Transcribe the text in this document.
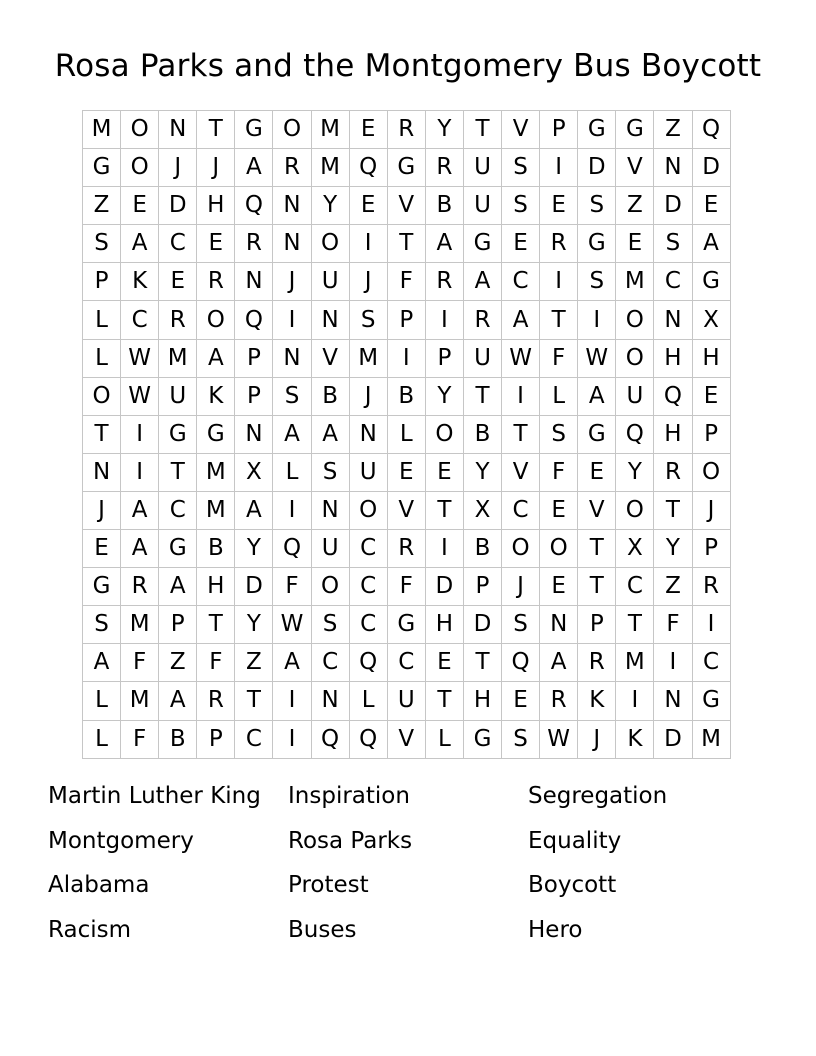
Rosa Parks and the Montgomery Bus Boycott
M	O	N	T	G	O	M	E	R	Y	T	V	P	G	G	Z	Q
G	O	J	J	A	R	M	Q	G	R	U	S	I	D	V	N	D
Z	E	D	H	Q	N	Y	E	V	B	U	S	E	S	Z	D	E
S	A	C	E	R	N	O	I	T	A	G	E	R	G	E	S	A
P	K	E	R	N	J	U	J	F	R	A	C	I	S	M	C	G
L	C	R	O	Q	I	N	S	P	I	R	A	T	I	O	N	X
L	W	M	A	P	N	V	M	I	P	U	W	F	W	O	H	H
O	W	U	K	P	S	B	J	B	Y	T	I	L	A	U	Q	E
T	I	G	G	N	A	A	N	L	O	B	T	S	G	Q	H	P
N	I	T	M	X	L	S	U	E	E	Y	V	F	E	Y	R	O
J	A	C	M	A	I	N	O	V	T	X	C	E	V	O	T	J
E	A	G	B	Y	Q	U	C	R	I	B	O	O	T	X	Y	P
G	R	A	H	D	F	O	C	F	D	P	J	E	T	C	Z	R
S	M	P	T	Y	W	S	C	G	H	D	S	N	P	T	F	I
A	F	Z	F	Z	A	C	Q	C	E	T	Q	A	R	M	I	C
L	M	A	R	T	I	N	L	U	T	H	E	R	K	I	N	G
L	F	B	P	C	I	Q	Q	V	L	G	S	W	J	K	D	M
Martin Luther King
Montgomery
Alabama
Racism
Inspiration
Rosa Parks
Protest
Buses
Segregation
Equality
Boycott
Hero
